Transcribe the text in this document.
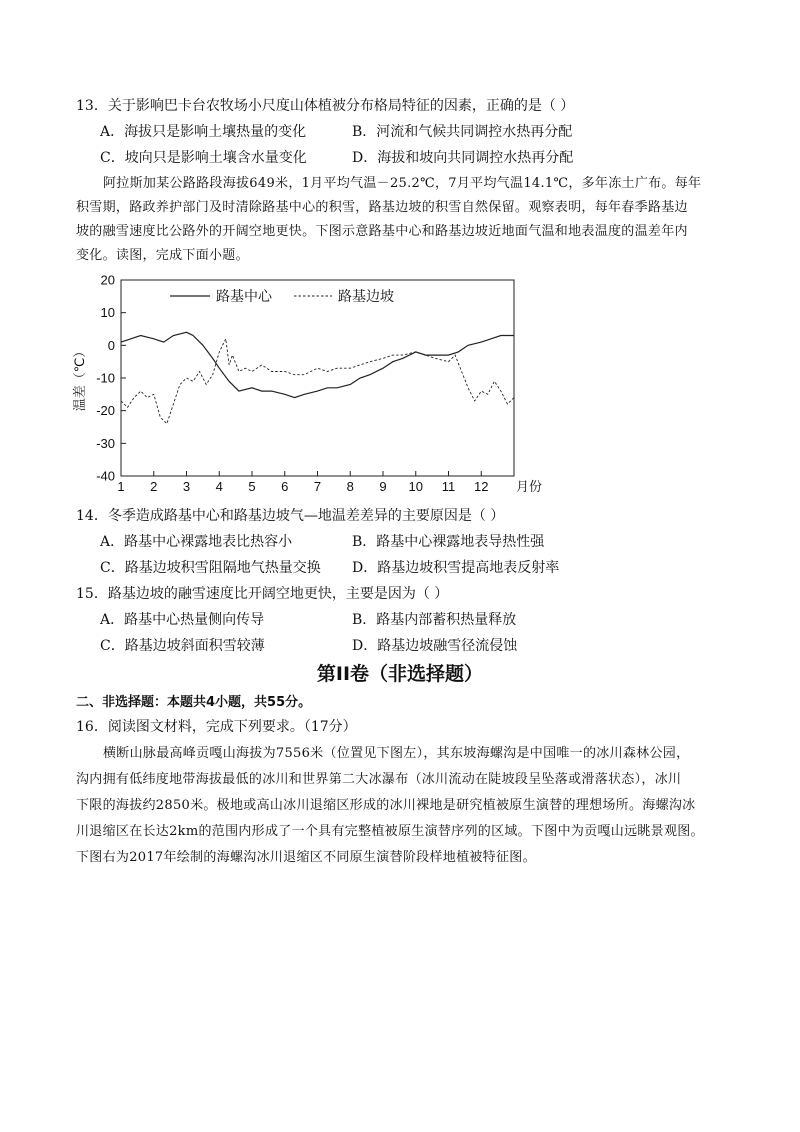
13．关于影响巴卡台农牧场小尺度山体植被分布格局特征的因素，正确的是（ ）
A．海拔只是影响土壤热量的变化	B．河流和气候共同调控水热再分配
C．坡向只是影响土壤含水量变化	D．海拔和坡向共同调控水热再分配
阿拉斯加某公路路段海拔649米，1月平均气温－25.2℃，7月平均气温14.1℃，多年冻土广布。每年
积雪期，路政养护部门及时清除路基中心的积雪，路基边坡的积雪自然保留。观察表明，每年春季路基边
坡的融雪速度比公路外的开阔空地更快。下图示意路基中心和路基边坡近地面气温和地表温度的温差年内
变化。读图，完成下面小题。
20
10
0
-10
-20
-30
-40
1 2 3 4 5 6 7 8 9 10 11 12 月份
温差（℃）
路基中心	路基边坡
14．冬季造成路基中心和路基边坡气—地温差差异的主要原因是（ ）
A．路基中心裸露地表比热容小	B．路基中心裸露地表导热性强
C．路基边坡积雪阻隔地气热量交换 D．路基边坡积雪提高地表反射率
15．路基边坡的融雪速度比开阔空地更快，主要是因为（ ）
A．路基中心热量侧向传导	B．路基内部蓄积热量释放
C．路基边坡斜面积雪较薄	D．路基边坡融雪径流侵蚀
第II卷（非选择题）
二、非选择题：本题共4小题，共55分。
16．阅读图文材料，完成下列要求。（17分）
横断山脉最高峰贡嘎山海拔为7556米（位置见下图左），其东坡海螺沟是中国唯一的冰川森林公园，
沟内拥有低纬度地带海拔最低的冰川和世界第二大冰瀑布（冰川流动在陡坡段呈坠落或滑落状态），冰川
下限的海拔约2850米。极地或高山冰川退缩区形成的冰川裸地是研究植被原生演替的理想场所。海螺沟冰
川退缩区在长达2km的范围内形成了一个具有完整植被原生演替序列的区域。下图中为贡嘎山远眺景观图。
下图右为2017年绘制的海螺沟冰川退缩区不同原生演替阶段样地植被特征图。
